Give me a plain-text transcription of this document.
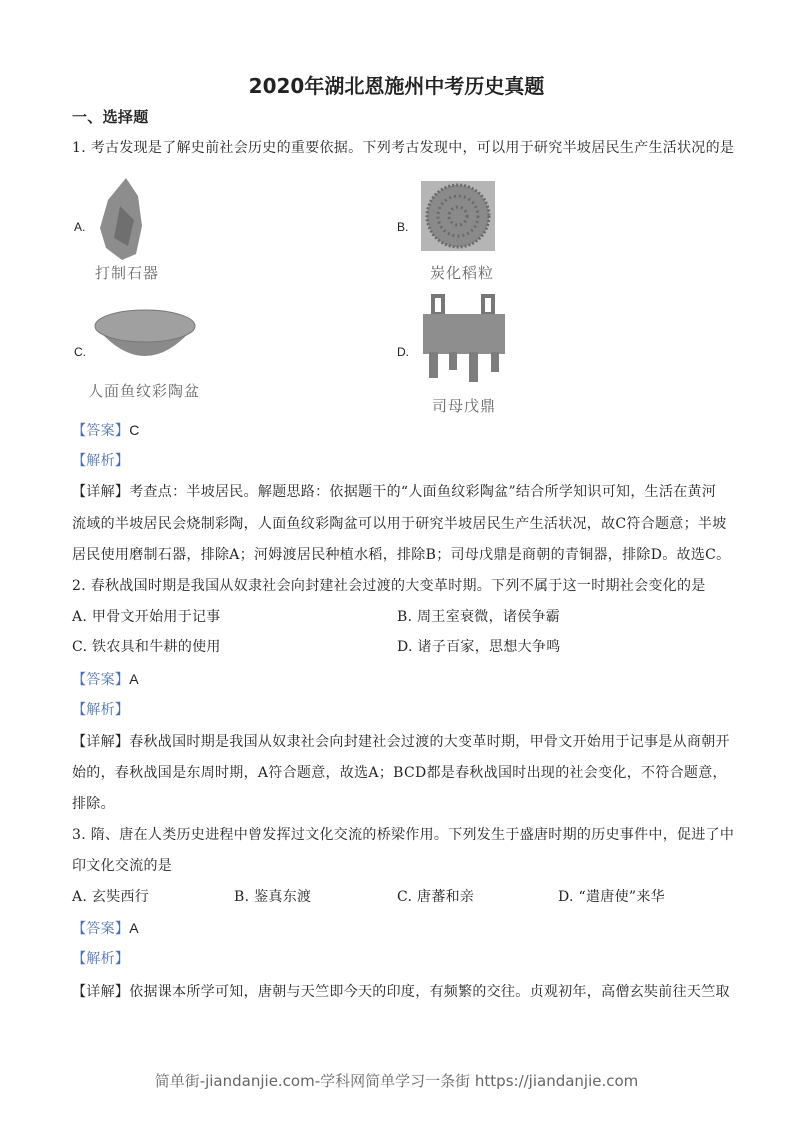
2020年湖北恩施州中考历史真题
一、选择题
1. 考古发现是了解史前社会历史的重要依据。下列考古发现中，可以用于研究半坡居民生产生活状况的是
A.
打制石器
B.
炭化稻粒
C.
人面鱼纹彩陶盆
D.
司母戊鼎
【答案】C
【解析】
【详解】考查点：半坡居民。解题思路：依据题干的“人面鱼纹彩陶盆”结合所学知识可知，生活在黄河
流域的半坡居民会烧制彩陶，人面鱼纹彩陶盆可以用于研究半坡居民生产生活状况，故C符合题意；半坡
居民使用磨制石器，排除A；河姆渡居民种植水稻，排除B；司母戊鼎是商朝的青铜器，排除D。故选C。
2. 春秋战国时期是我国从奴隶社会向封建社会过渡的大变革时期。下列不属于这一时期社会变化的是
A. 甲骨文开始用于记事	B. 周王室衰微，诸侯争霸
C. 铁农具和牛耕的使用	D. 诸子百家，思想大争鸣
【答案】A
【解析】
【详解】春秋战国时期是我国从奴隶社会向封建社会过渡的大变革时期，甲骨文开始用于记事是从商朝开
始的，春秋战国是东周时期，A符合题意，故选A；BCD都是春秋战国时出现的社会变化，不符合题意，
排除。
3. 隋、唐在人类历史进程中曾发挥过文化交流的桥梁作用。下列发生于盛唐时期的历史事件中，促进了中
印文化交流的是
A. 玄奘西行	B. 鉴真东渡	C. 唐蕃和亲	D. “遣唐使”来华
【答案】A
【解析】
【详解】依据课本所学可知，唐朝与天竺即今天的印度，有频繁的交往。贞观初年，高僧玄奘前往天竺取
简单街-jiandanjie.com-学科网简单学习一条街 https://jiandanjie.com
